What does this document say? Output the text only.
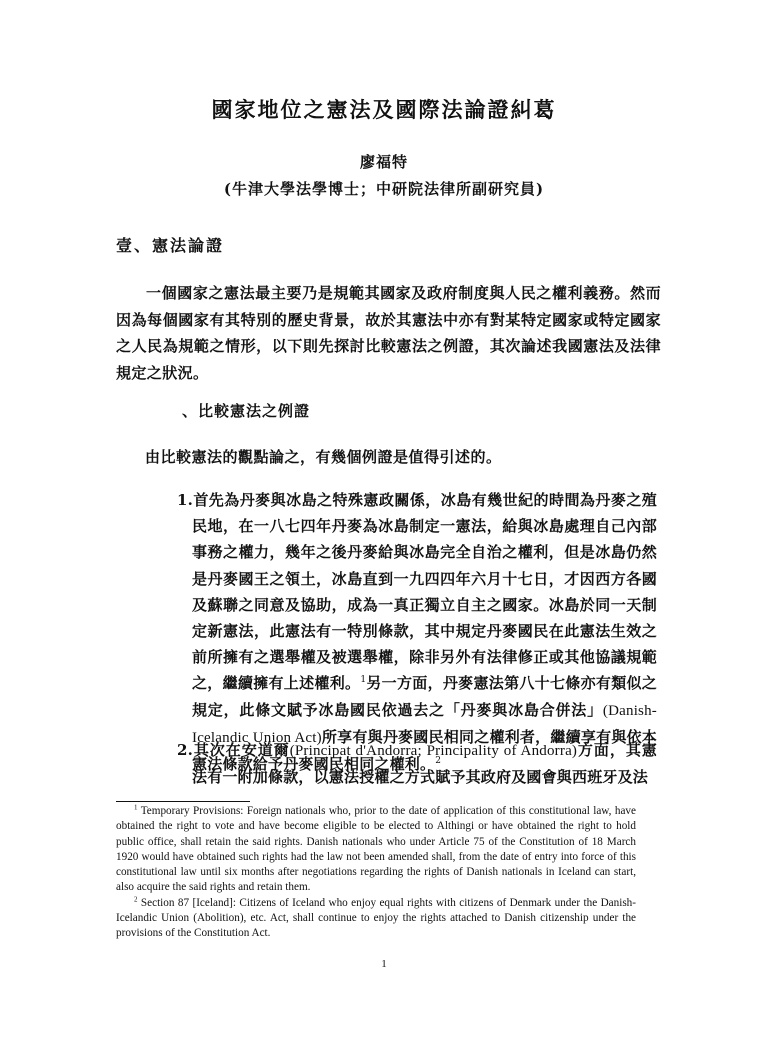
國家地位之憲法及國際法論證糾葛
廖福特
(牛津大學法學博士；中研院法律所副研究員)
壹、憲法論證
一個國家之憲法最主要乃是規範其國家及政府制度與人民之權利義務。然而因為每個國家有其特別的歷史背景，故於其憲法中亦有對某特定國家或特定國家之人民為規範之情形，以下則先探討比較憲法之例證，其次論述我國憲法及法律規定之狀況。
、比較憲法之例證
由比較憲法的觀點論之，有幾個例證是值得引述的。
1.首先為丹麥與冰島之特殊憲政關係，冰島有幾世紀的時間為丹麥之殖民地，在一八七四年丹麥為冰島制定一憲法，給與冰島處理自己內部事務之權力，幾年之後丹麥給與冰島完全自治之權利，但是冰島仍然是丹麥國王之領土，冰島直到一九四四年六月十七日，才因西方各國及蘇聯之同意及協助，成為一真正獨立自主之國家。冰島於同一天制定新憲法，此憲法有一特別條款，其中規定丹麥國民在此憲法生效之前所擁有之選舉權及被選舉權，除非另外有法律修正或其他協議規範之，繼續擁有上述權利。$^1$另一方面，丹麥憲法第八十七條亦有類似之規定，此條文賦予冰島國民依過去之「丹麥與冰島合併法」(Danish-Icelandic Union Act)所享有與丹麥國民相同之權利者，繼續享有與依本憲法條款給予丹麥國民相同之權利。$^2$
2.其次在安道爾(Principat d'Andorra; Principality of Andorra)方面，其憲法有一附加條款，以憲法授權之方式賦予其政府及國會與西班牙及法

$^1$ Temporary Provisions: Foreign nationals who, prior to the date of application of this constitutional law, have obtained the right to vote and have become eligible to be elected to Althingi or have obtained the right to hold public office, shall retain the said rights. Danish nationals who under Article 75 of the Constitution of 18 March 1920 would have obtained such rights had the law not been amended shall, from the date of entry into force of this constitutional law until six months after negotiations regarding the rights of Danish nationals in Iceland can start, also acquire the said rights and retain them.

$^2$ Section 87 [Iceland]: Citizens of Iceland who enjoy equal rights with citizens of Denmark under the Danish-Icelandic Union (Abolition), etc. Act, shall continue to enjoy the rights attached to Danish citizenship under the provisions of the Constitution Act.

1
